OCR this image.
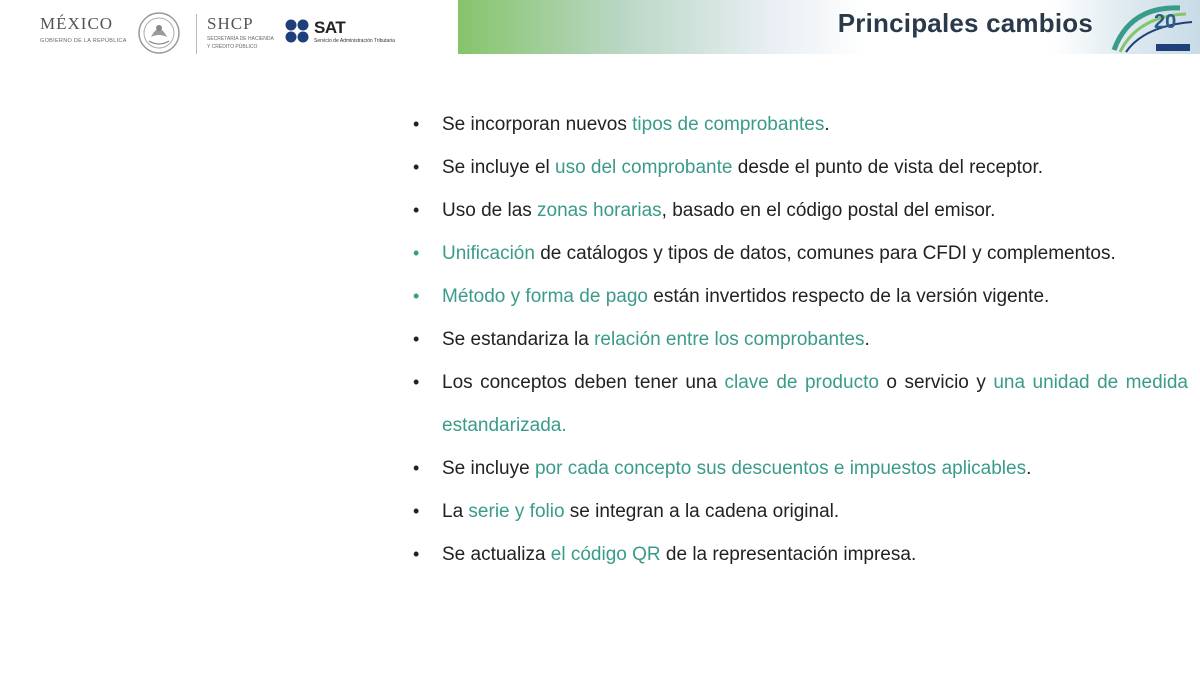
MÉXICO
GOBIERNO DE LA REPÚBLICA
SHCP
SECRETARÍA DE HACIENDA
Y CRÉDITO PÚBLICO
SAT
Servicio de Administración Tributaria
Principales cambios	20
•	Se incorporan nuevos tipos de comprobantes.
•	Se incluye el uso del comprobante desde el punto de vista del receptor.
•	Uso de las zonas horarias, basado en el código postal del emisor.
•	Unificación de catálogos y tipos de datos, comunes para CFDI y complementos.
•	Método y forma de pago están invertidos respecto de la versión vigente.
•	Se estandariza la relación entre los comprobantes.
•	Los conceptos deben tener una clave de producto o servicio y una unidad de medida estandarizada.
•	Se incluye por cada concepto sus descuentos e impuestos aplicables.
•	La serie y folio se integran a la cadena original.
•	Se actualiza el código QR de la representación impresa.
